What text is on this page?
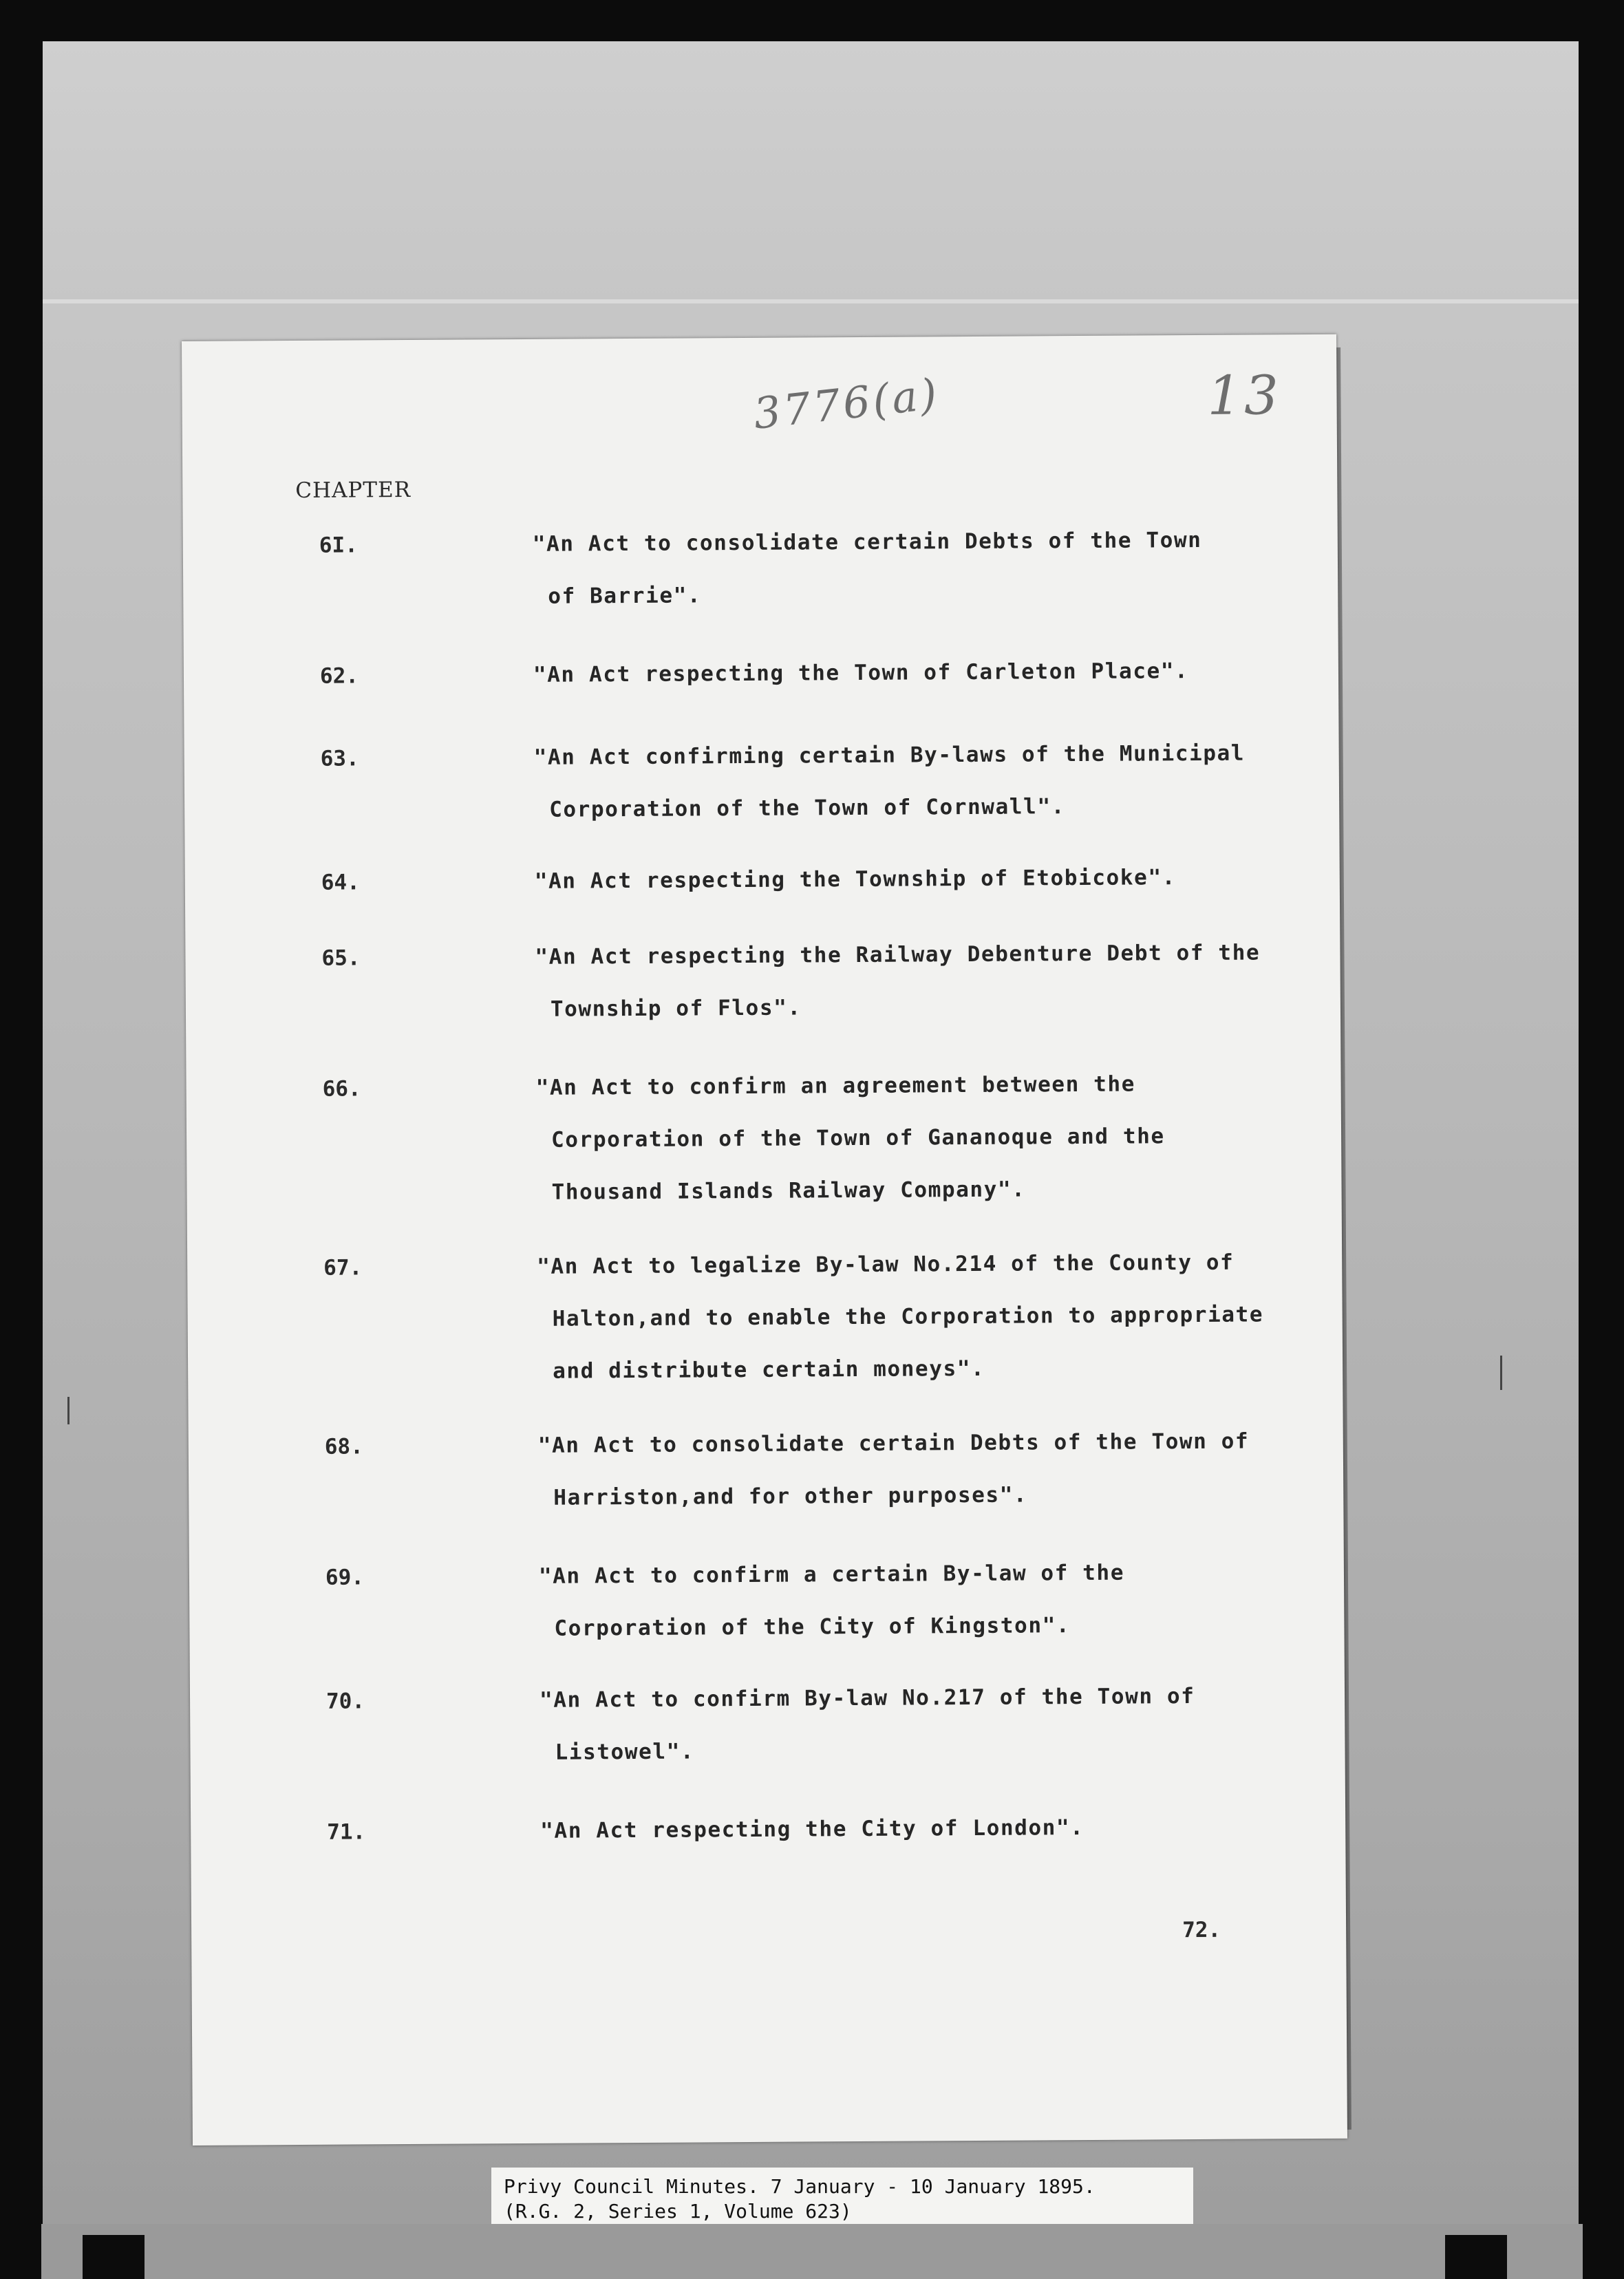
3776(a)	13
CHAPTER
6I.	"An Act to consolidate certain Debts of the Town
of Barrie".
62.	"An Act respecting the Town of Carleton Place".
63.	"An Act confirming certain By-laws of the Municipal
Corporation of the Town of Cornwall".
64.	"An Act respecting the Township of Etobicoke".
65.	"An Act respecting the Railway Debenture Debt of the
Township of Flos".
66.	"An Act to confirm an agreement between the
Corporation of the Town of Gananoque and the
Thousand Islands Railway Company".
67.	"An Act to legalize By-law No.214 of the County of
Halton,and to enable the Corporation to appropriate
and distribute certain moneys".
68.	"An Act to consolidate certain Debts of the Town of
Harriston,and for other purposes".
69.	"An Act to confirm a certain By-law of the
Corporation of the City of Kingston".
70.	"An Act to confirm By-law No.217 of the Town of
Listowel".
71.	"An Act respecting the City of London".
72.
Privy Council Minutes. 7 January - 10 January 1895.
(R.G. 2, Series 1, Volume 623)
